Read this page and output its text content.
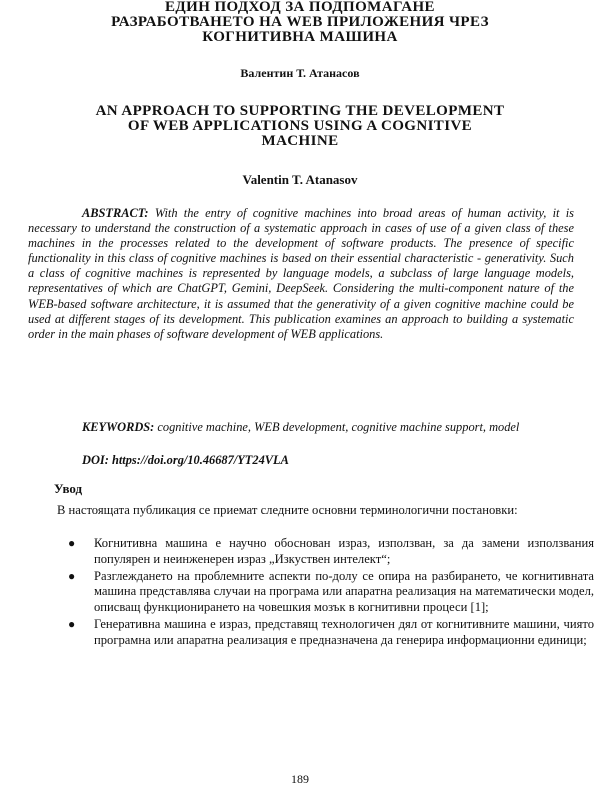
ЕДИН ПОДХОД ЗА ПОДПОМАГАНЕ

РАЗРАБОТВАНЕТО НА WEB ПРИЛОЖЕНИЯ ЧРЕЗ

КОГНИТИВНА МАШИНА

Валентин Т. Атанасов

AN APPROACH TO SUPPORTING THE DEVELOPMENT

OF WEB APPLICATIONS USING A COGNITIVE

MACHINE

Valentin T. Atanasov
ABSTRACT: With the entry of cognitive machines into broad areas of human activity, it is necessary to understand the construction of a systematic approach in cases of use of a given class of these machines in the processes related to the development of software products. The presence of specific functionality in this class of cognitive machines is based on their essential characteristic - generativity. Such a class of cognitive machines is represented by language models, a subclass of large language models, representatives of which are ChatGPT, Gemini, DeepSeek. Considering the multi-component nature of the WEB-based software architecture, it is assumed that the generativity of a given cognitive machine could be used at different stages of its development. This publication examines an approach to building a systematic order in the main phases of software development of WEB applications.
KEYWORDS: cognitive machine, WEB development, cognitive machine support, model
DOI: https://doi.org/10.46687/YT24VLA
Увод
В настоящата публикация се приемат следните основни терминологични постановки:
● Когнитивна машина е научно обоснован израз, използван, за да замени използвания популярен и неинженерен израз „Изкуствен интелект“;
● Разглеждането на проблемните аспекти по-долу се опира на разбирането, че когнитивната машина представлява случаи на програма или апаратна реализация на математически модел, описващ функционирането на човешкия мозък в когнитивни процеси [1];
● Генеративна машина е израз, представящ технологичен дял от когнитивните машини, чиято програмна или апаратна реализация е предназначена да генерира информационни единици;
189
